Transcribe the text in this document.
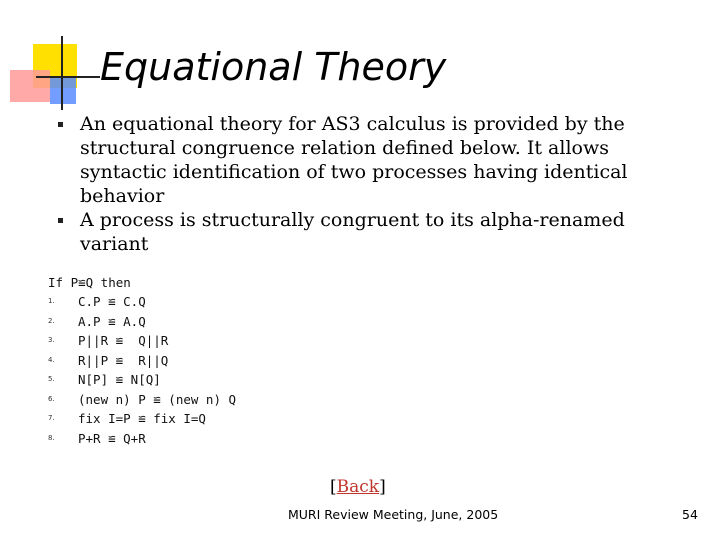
Equational Theory
An equational theory for AS3 calculus is provided by the structural congruence relation defined below. It allows syntactic identification of two processes having identical behavior
A process is structurally congruent to its alpha-renamed variant
If P≌Q then

1.

C.P ≌ C.Q

2.

A.P ≌ A.Q

3.

P||R ≌  Q||R

4.

R||P ≌  R||Q

5.

N[P] ≌ N[Q]

6.

(new n) P ≌ (new n) Q

7.

fix I=P ≌ fix I=Q

8.

P+R ≌ Q+R

[Back]
MURI Review Meeting, June, 2005	54
